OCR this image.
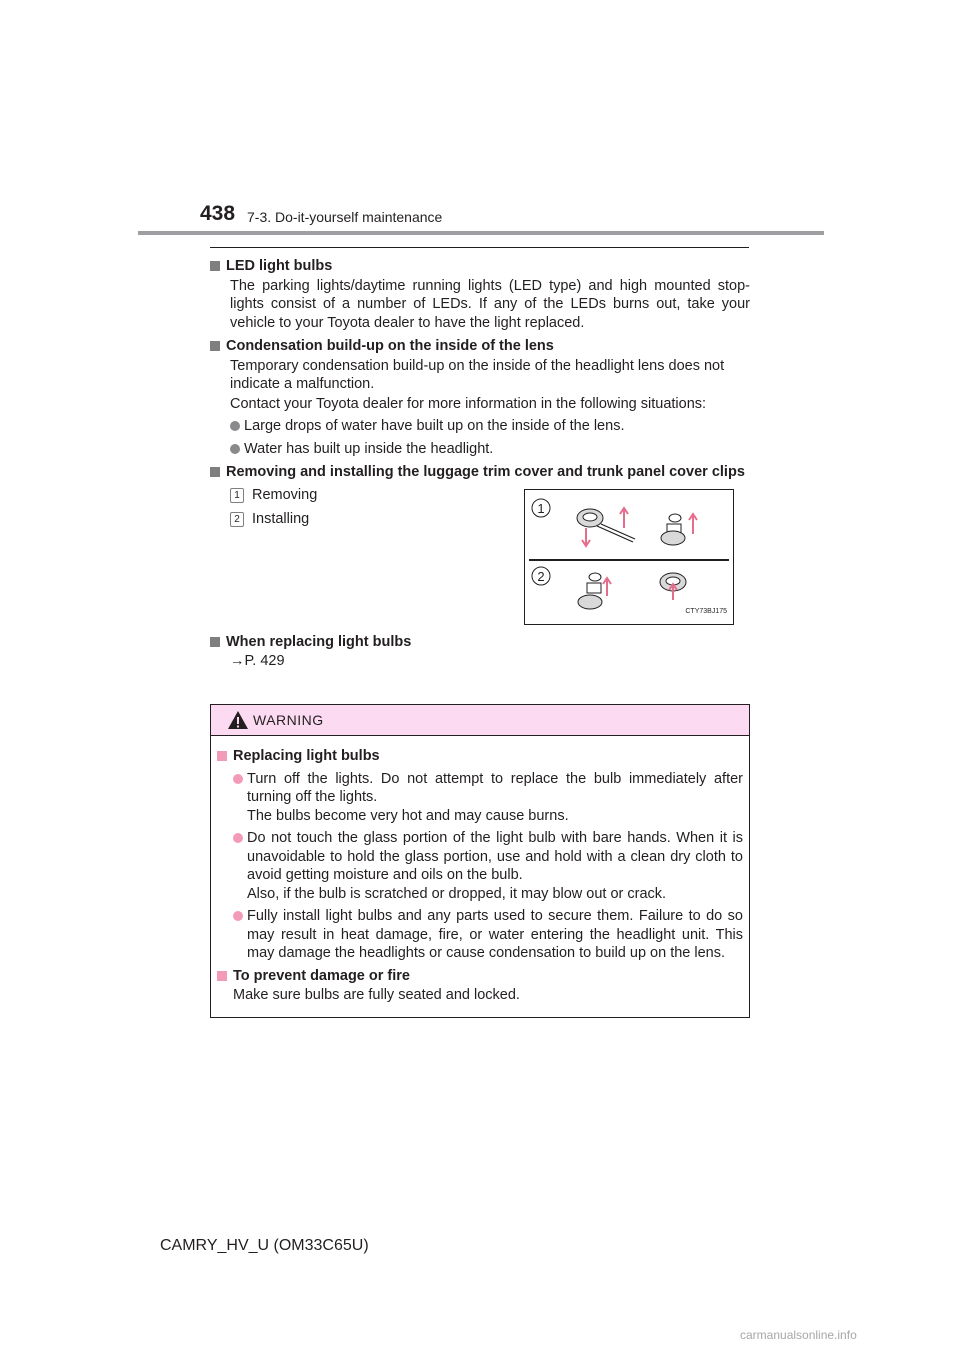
438 7-3. Do-it-yourself maintenance
LED light bulbs
The parking lights/daytime running lights (LED type) and high mounted stop-lights consist of a number of LEDs. If any of the LEDs burns out, take your vehicle to your Toyota dealer to have the light replaced.
Condensation build-up on the inside of the lens
Temporary condensation build-up on the inside of the headlight lens does not indicate a malfunction.
Contact your Toyota dealer for more information in the following situations:
Large drops of water have built up on the inside of the lens.
Water has built up inside the headlight.
Removing and installing the luggage trim cover and trunk panel cover clips
1 Removing
2 Installing
1
2
CTY73BJ175
When replacing light bulbs
→P. 429
WARNING
Replacing light bulbs
Turn off the lights. Do not attempt to replace the bulb immediately after turning off the lights.
The bulbs become very hot and may cause burns.
Do not touch the glass portion of the light bulb with bare hands. When it is unavoidable to hold the glass portion, use and hold with a clean dry cloth to avoid getting moisture and oils on the bulb.
Also, if the bulb is scratched or dropped, it may blow out or crack.
Fully install light bulbs and any parts used to secure them. Failure to do so may result in heat damage, fire, or water entering the headlight unit. This may damage the headlights or cause condensation to build up on the lens.
To prevent damage or fire
Make sure bulbs are fully seated and locked.
CAMRY_HV_U (OM33C65U)
carmanualsonline.info
